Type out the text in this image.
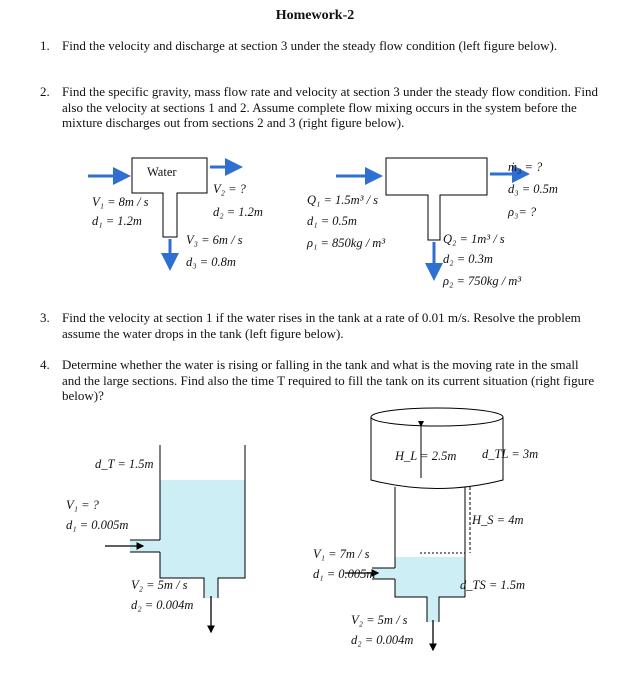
Homework-2
1. Find the velocity and discharge at section 3 under the steady flow condition (left figure below).
2. Find the specific gravity, mass flow rate and velocity at section 3 under the steady flow condition. Find also the velocity at sections 1 and 2. Assume complete flow mixing occurs in the system before the mixture discharges out from sections 2 and 3 (right figure below).
3. Find the velocity at section 1 if the water rises in the tank at a rate of 0.01 m/s. Resolve the problem assume the water drops in the tank (left figure below).
4. Determine whether the water is rising or falling in the tank and what is the moving rate in the small and the large sections. Find also the time T required to fill the tank on its current situation (right figure below)?
Water
V₁ = 8m / s
d₁ = 1.2m
V₂ = ?
d₂ = 1.2m
V₃ = 6m / s
d₃ = 0.8m
Q₁ = 1.5m³ / s
d₁ = 0.5m
ρ₁ = 850kg / m³
ṁ₃ = ?
d₃ = 0.5m
ρ₃= ?
Q₂ = 1m³ / s
d₂ = 0.3m
ρ₂ = 750kg / m³
d_T = 1.5m
V₁ = ?
d₁ = 0.005m
V₂ = 5m / s
d₂ = 0.004m
H_L = 2.5m d_TL = 3m
H_S = 4m
V₁ = 7m / s
d₁ = 0.005m
d_TS = 1.5m
V₂ = 5m / s
d₂ = 0.004m
